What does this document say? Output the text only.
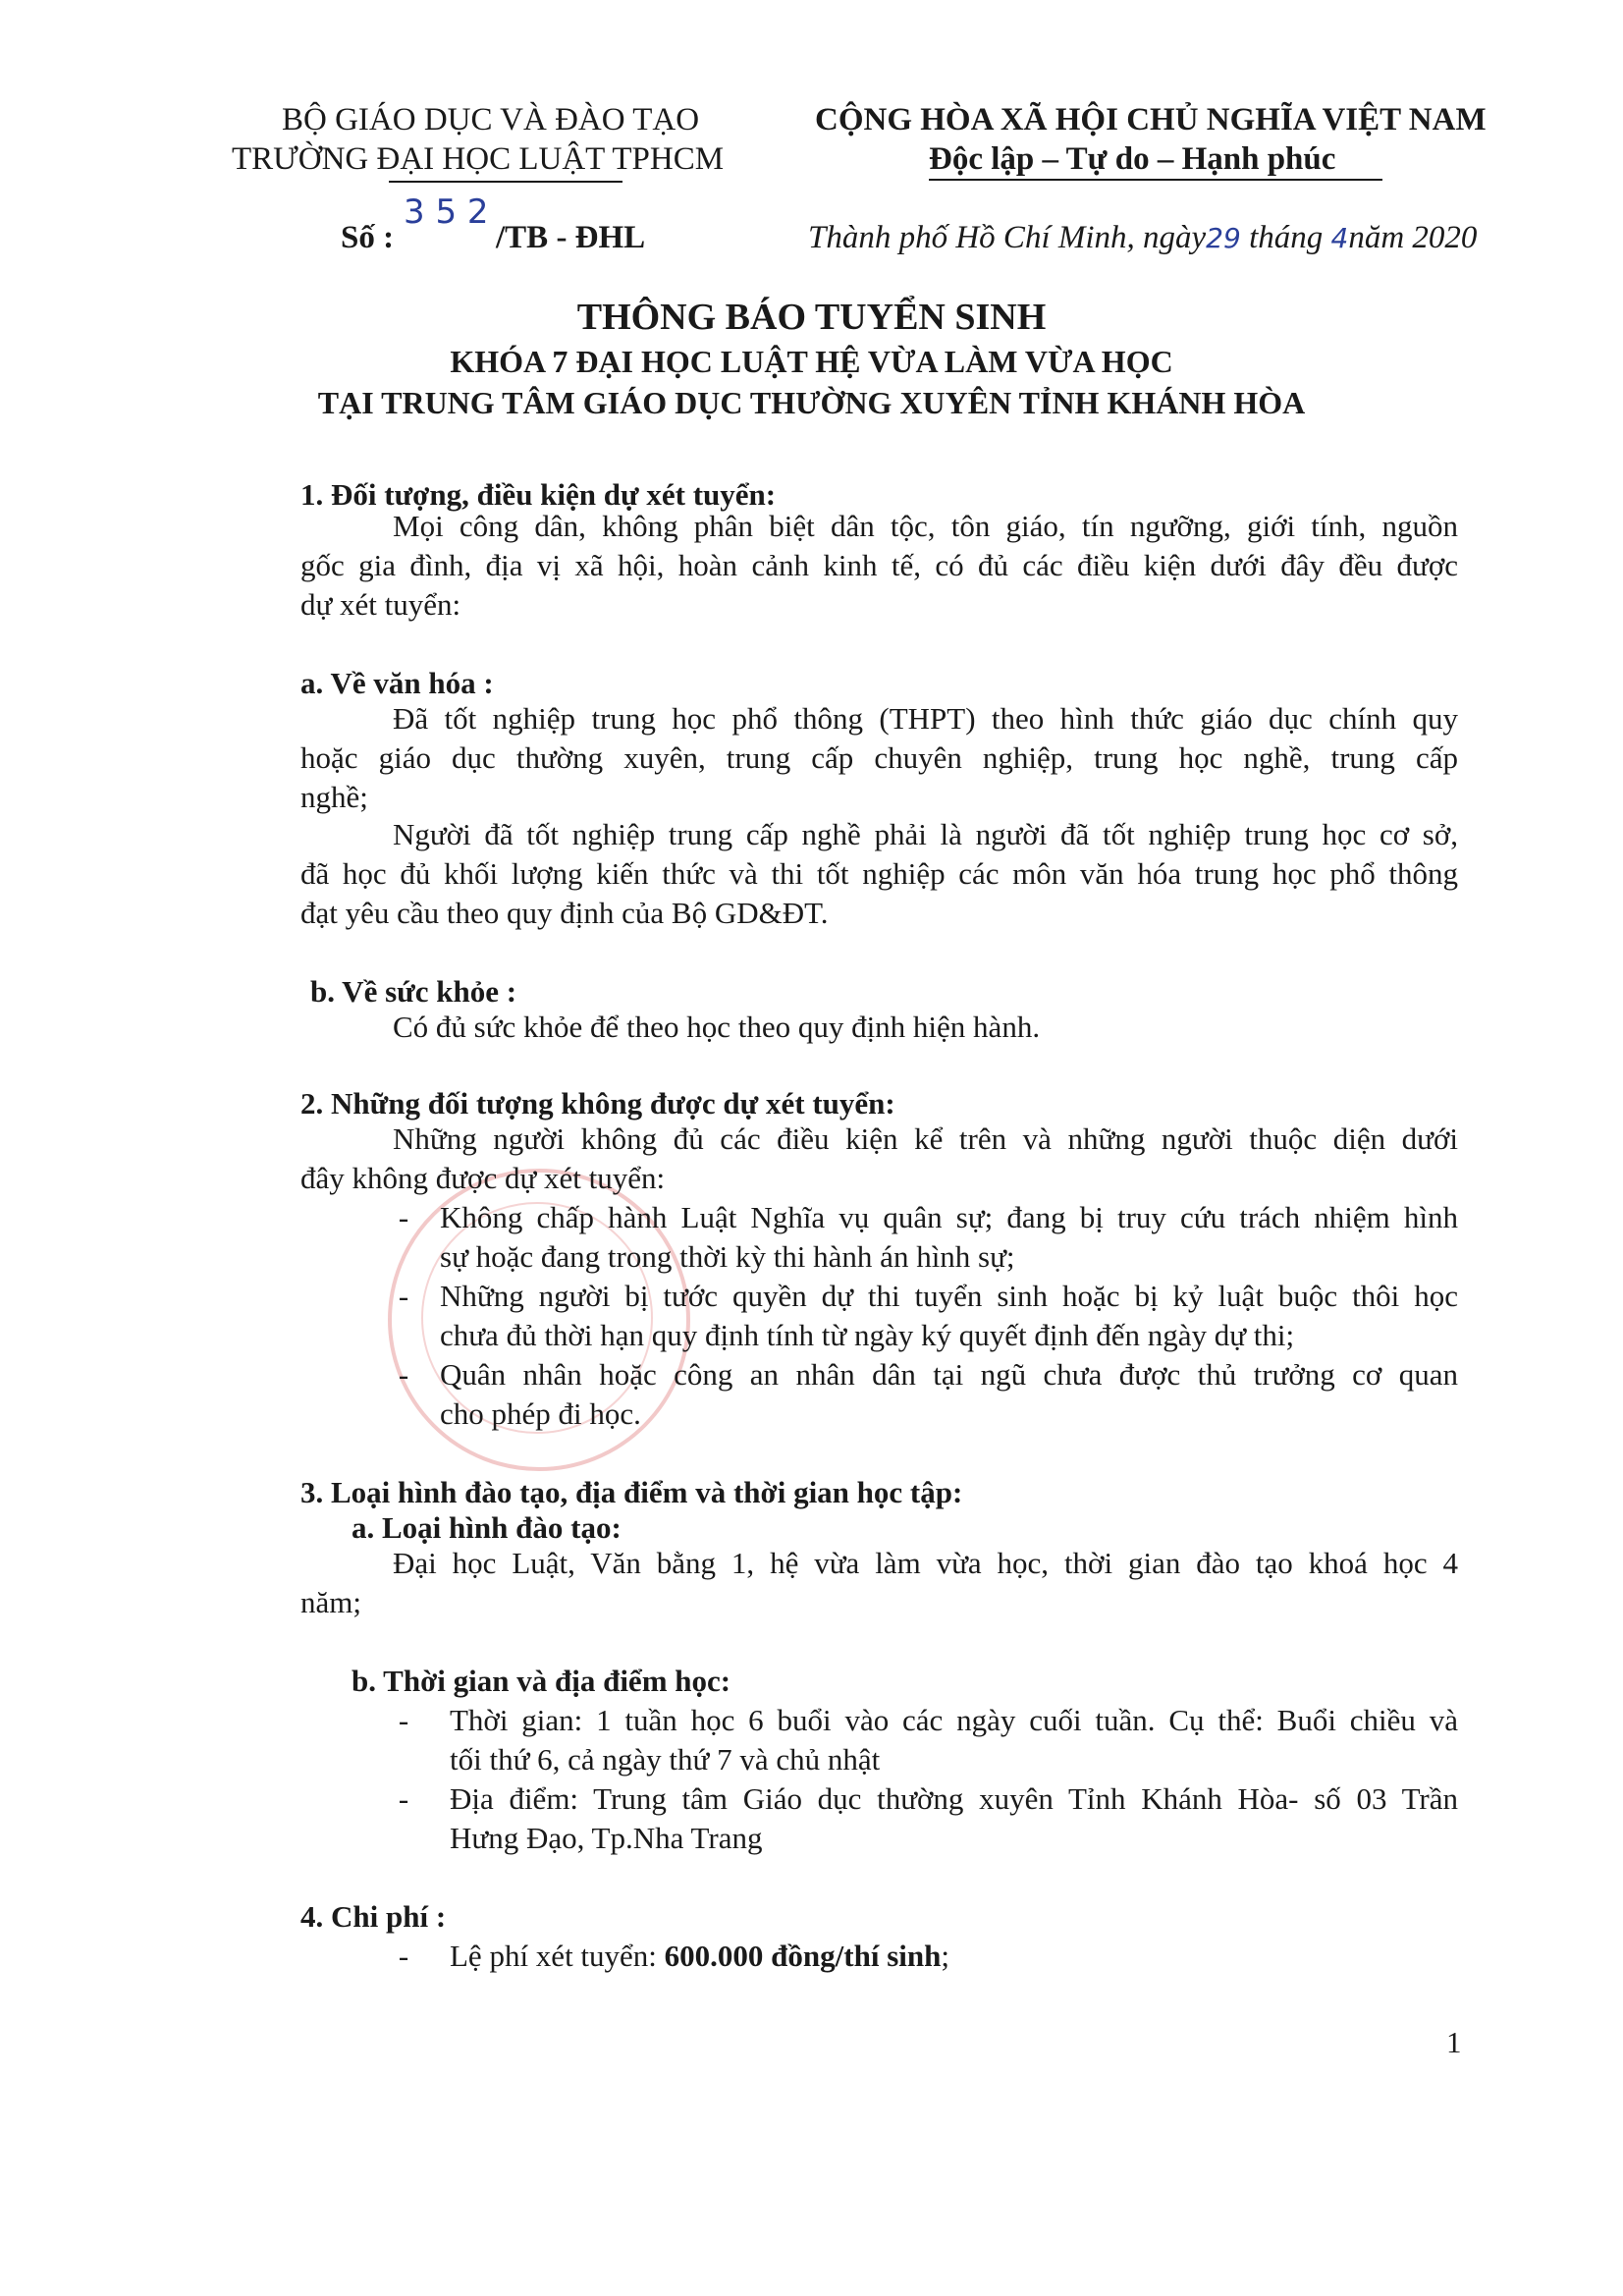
BỘ GIÁO DỤC VÀ ĐÀO TẠO
TRƯỜNG ĐẠI HỌC LUẬT TPHCM
Số :
3 5 2
/TB - ĐHL
CỘNG HÒA XÃ HỘI CHỦ NGHĨA VIỆT NAM
Độc lập – Tự do – Hạnh phúc
Thành phố Hồ Chí Minh, ngày29 tháng 4năm 2020
THÔNG BÁO TUYỂN SINH
KHÓA 7 ĐẠI HỌC LUẬT HỆ VỪA LÀM VỪA HỌC
TẠI TRUNG TÂM GIÁO DỤC THƯỜNG XUYÊN TỈNH KHÁNH HÒA
1. Đối tượng, điều kiện dự xét tuyển:
Mọi công dân, không phân biệt dân tộc, tôn giáo, tín ngưỡng, giới tính, nguồn
gốc gia đình, địa vị xã hội, hoàn cảnh kinh tế, có đủ các điều kiện dưới đây đều được
dự xét tuyển:
a. Về văn hóa :
Đã tốt nghiệp trung học phổ thông (THPT) theo hình thức giáo dục chính quy
hoặc giáo dục thường xuyên, trung cấp chuyên nghiệp, trung học nghề, trung cấp
nghề;
Người đã tốt nghiệp trung cấp nghề phải là người đã tốt nghiệp trung học cơ sở,
đã học đủ khối lượng kiến thức và thi tốt nghiệp các môn văn hóa trung học phổ thông
đạt yêu cầu theo quy định của Bộ GD&ĐT.
b. Về sức khỏe :
Có đủ sức khỏe để theo học theo quy định hiện hành.
2. Những đối tượng không được dự xét tuyển:
Những người không đủ các điều kiện kể trên và những người thuộc diện dưới
đây không được dự xét tuyển:
-	Không chấp hành Luật Nghĩa vụ quân sự; đang bị truy cứu trách nhiệm hình
sự hoặc đang trong thời kỳ thi hành án hình sự;
-	Những người bị tước quyền dự thi tuyển sinh hoặc bị kỷ luật buộc thôi học
chưa đủ thời hạn quy định tính từ ngày ký quyết định đến ngày dự thi;
-	Quân nhân hoặc công an nhân dân tại ngũ chưa được thủ trưởng cơ quan
cho phép đi học.
3. Loại hình đào tạo, địa điểm và thời gian học tập:
a. Loại hình đào tạo:
Đại học Luật, Văn bằng 1, hệ vừa làm vừa học, thời gian đào tạo khoá học 4
năm;
b. Thời gian và địa điểm học:
-	Thời gian: 1 tuần học 6 buổi vào các ngày cuối tuần. Cụ thể: Buổi chiều và
tối thứ 6, cả ngày thứ 7 và chủ nhật
-	Địa điểm: Trung tâm Giáo dục thường xuyên Tỉnh Khánh Hòa- số 03 Trần
Hưng Đạo, Tp.Nha Trang
4. Chi phí :
-	Lệ phí xét tuyển: 600.000 đồng/thí sinh;
1
